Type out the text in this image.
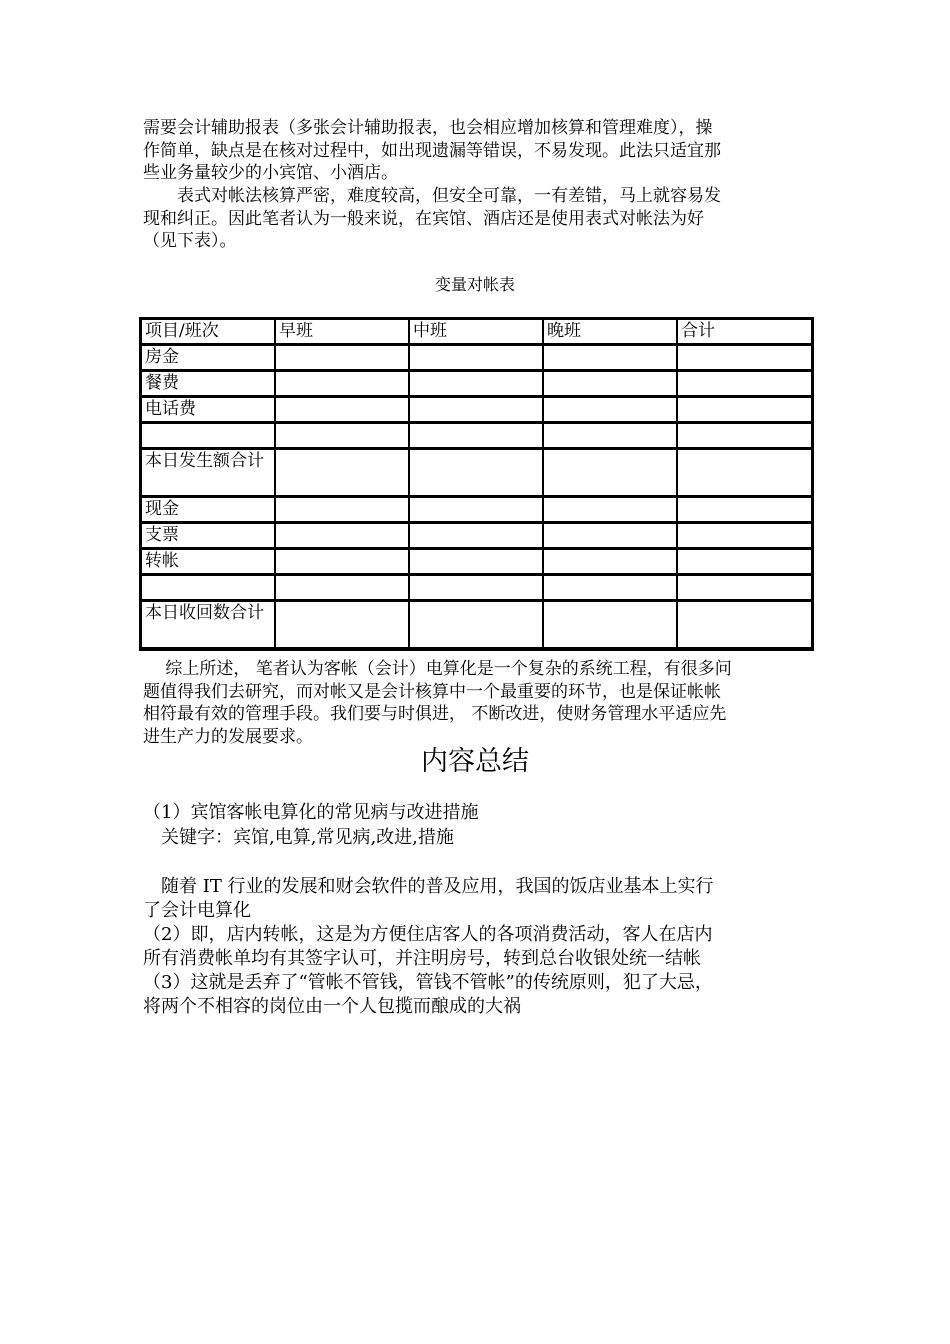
需要会计辅助报表（多张会计辅助报表，也会相应增加核算和管理难度），操
作简单，缺点是在核对过程中，如出现遗漏等错误，不易发现。此法只适宜那
些业务量较少的小宾馆、小酒店。

　　表式对帐法核算严密，难度较高，但安全可靠，一有差错，马上就容易发
现和纠正。因此笔者认为一般来说，在宾馆、酒店还是使用表式对帐法为好
（见下表）。

变量对帐表

项目/班次	早班	中班	晚班	合计
房金				
餐费				
电话费				

本日发生额合计				
现金				
支票				
转帐				

本日收回数合计				

　 综上所述， 笔者认为客帐（会计）电算化是一个复杂的系统工程，有很多问
题值得我们去研究，而对帐又是会计核算中一个最重要的环节，也是保证帐帐
相符最有效的管理手段。我们要与时俱进， 不断改进，使财务管理水平适应先
进生产力的发展要求。

内容总结

（1）宾馆客帐电算化的常见病与改进措施

　关键字：宾馆,电算,常见病,改进,措施

　随着 IT 行业的发展和财会软件的普及应用，我国的饭店业基本上实行

了会计电算化

（2）即，店内转帐，这是为方便住店客人的各项消费活动，客人在店内

所有消费帐单均有其签字认可，并注明房号，转到总台收银处统一结帐

（3）这就是丢弃了“管帐不管钱，管钱不管帐”的传统原则，犯了大忌，

将两个不相容的岗位由一个人包揽而酿成的大祸
